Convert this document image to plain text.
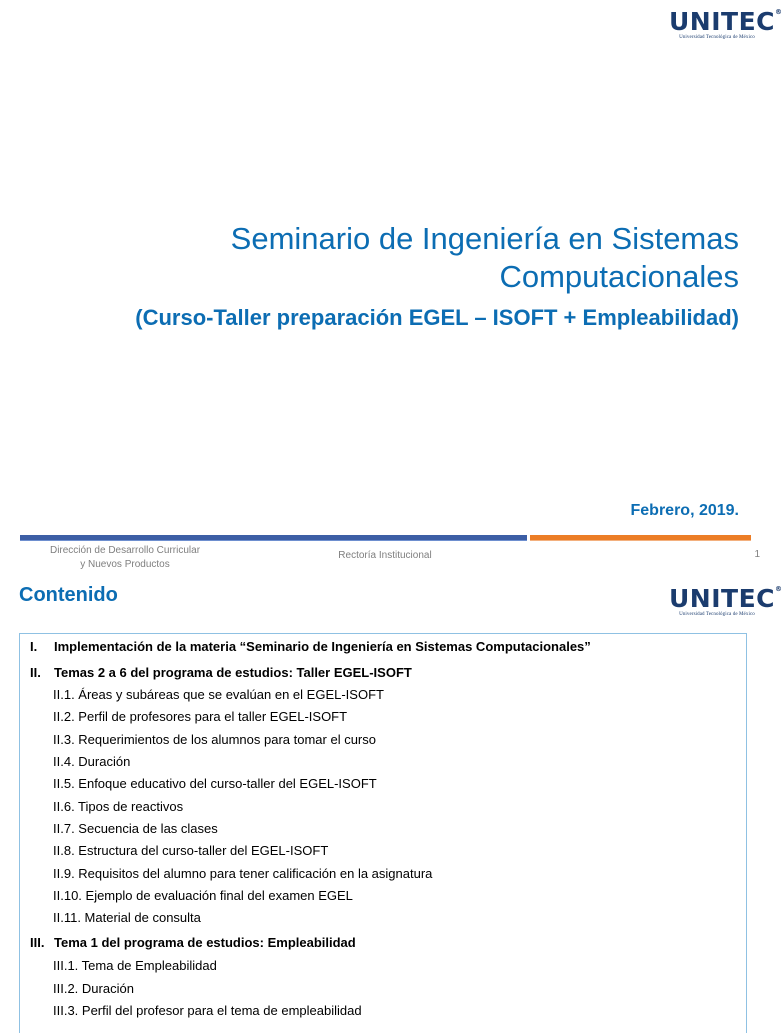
UNITEC®
Universidad Tecnológica de México
Seminario de Ingeniería en Sistemas Computacionales
(Curso-Taller preparación EGEL – ISOFT + Empleabilidad)
Febrero, 2019.
Dirección de Desarrollo Curricular
y Nuevos Productos
Rectoría Institucional	1
Contenido	UNITEC®
Universidad Tecnológica de México
I. Implementación de la materia “Seminario de Ingeniería en Sistemas Computacionales”
II. Temas 2 a 6 del programa de estudios: Taller EGEL-ISOFT
II.1. Áreas y subáreas que se evalúan en el EGEL-ISOFT
II.2. Perfil de profesores para el taller EGEL-ISOFT
II.3. Requerimientos de los alumnos para tomar el curso
II.4. Duración
II.5. Enfoque educativo del curso-taller del EGEL-ISOFT
II.6. Tipos de reactivos
II.7. Secuencia de las clases
II.8. Estructura del curso-taller del EGEL-ISOFT
II.9. Requisitos del alumno para tener calificación en la asignatura
II.10. Ejemplo de evaluación final del examen EGEL
II.11. Material de consulta
III. Tema 1 del programa de estudios: Empleabilidad
III.1. Tema de Empleabilidad
III.2. Duración
III.3. Perfil del profesor para el tema de empleabilidad
